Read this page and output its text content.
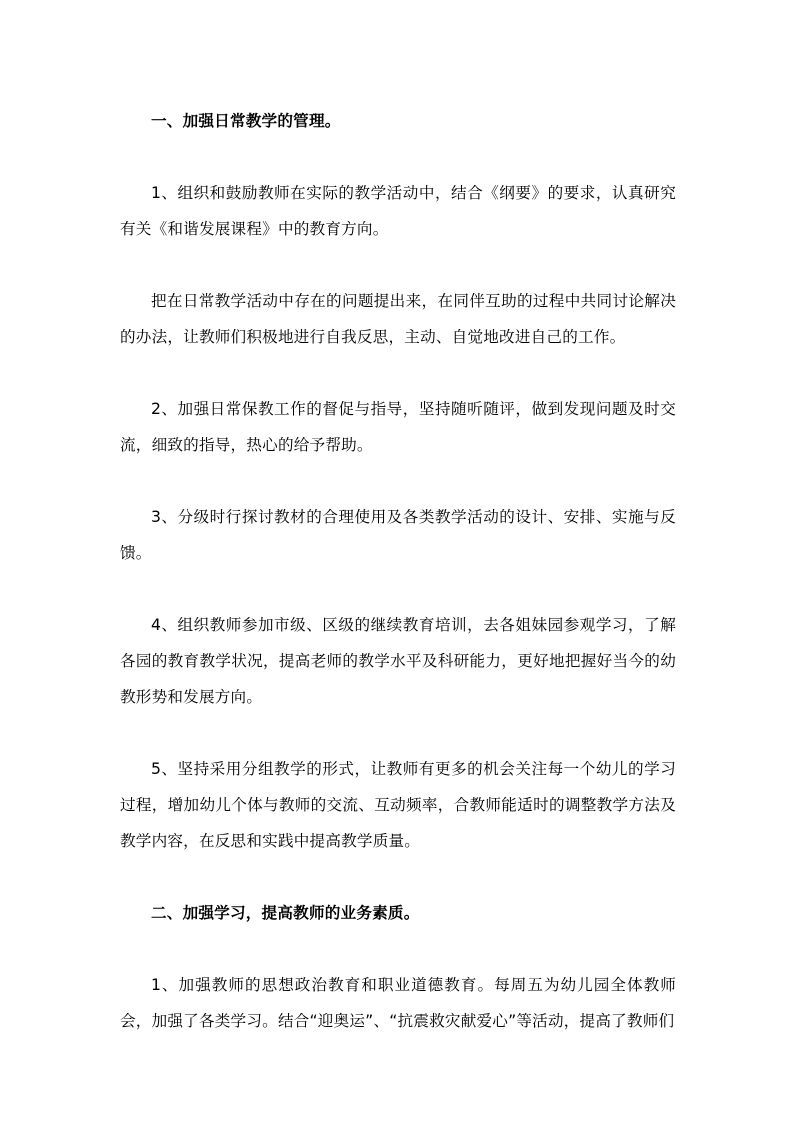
一、加强日常教学的管理。

1、组织和鼓励教师在实际的教学活动中，结合《纲要》的要求，认真研究有关《和谐发展课程》中的教育方向。

把在日常教学活动中存在的问题提出来，在同伴互助的过程中共同讨论解决的办法，让教师们积极地进行自我反思，主动、自觉地改进自己的工作。

2、加强日常保教工作的督促与指导，坚持随听随评，做到发现问题及时交流，细致的指导，热心的给予帮助。

3、分级时行探讨教材的合理使用及各类教学活动的设计、安排、实施与反馈。

4、组织教师参加市级、区级的继续教育培训，去各姐妹园参观学习，了解各园的教育教学状况，提高老师的教学水平及科研能力，更好地把握好当今的幼教形势和发展方向。

5、坚持采用分组教学的形式，让教师有更多的机会关注每一个幼儿的学习过程，增加幼儿个体与教师的交流、互动频率，合教师能适时的调整教学方法及教学内容，在反思和实践中提高教学质量。

二、加强学习，提高教师的业务素质。

1、加强教师的思想政治教育和职业道德教育。每周五为幼儿园全体教师会，加强了各类学习。结合“迎奥运”、“抗震救灾献爱心”等活动，提高了教师们
